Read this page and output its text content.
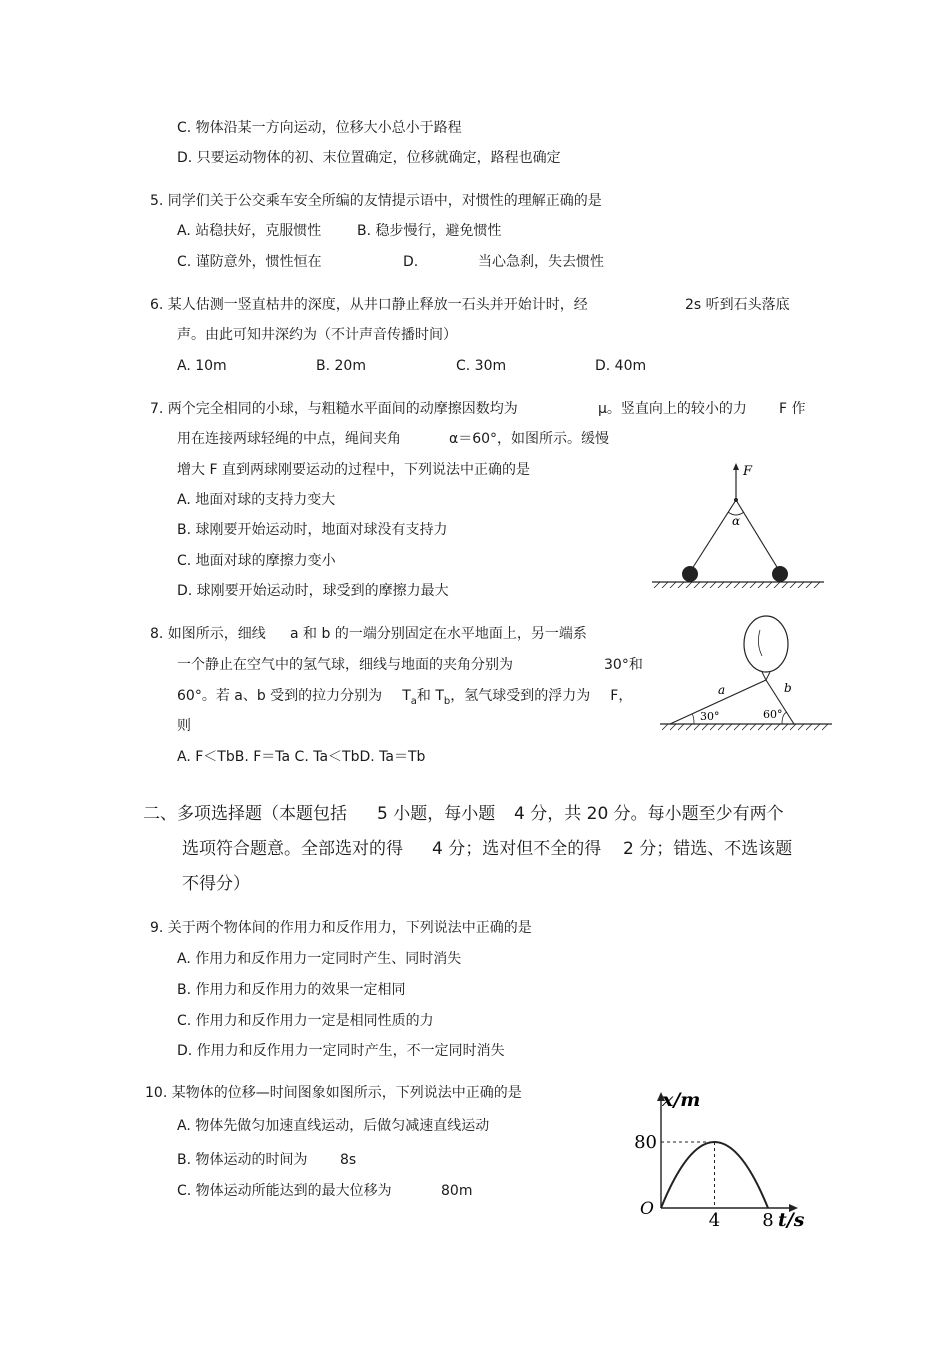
C. 物体沿某一方向运动，位移大小总小于路程
D. 只要运动物体的初、末位置确定，位移就确定，路程也确定
5. 同学们关于公交乘车安全所编的友情提示语中，对惯性的理解正确的是
A. 站稳扶好，克服惯性	B. 稳步慢行，避免惯性
C. 谨防意外，惯性恒在	D.	当心急刹，失去惯性
6. 某人估测一竖直枯井的深度，从井口静止释放一石头并开始计时，经	2s 听到石头落底
声。由此可知井深约为（不计声音传播时间）
A. 10m	B. 20m	C. 30m	D. 40m
7. 两个完全相同的小球，与粗糙水平面间的动摩擦因数均为	μ。竖直向上的较小的力 F 作
用在连接两球轻绳的中点，绳间夹角	α＝60°，如图所示。缓慢
增大 F 直到两球刚要运动的过程中，下列说法中正确的是
A. 地面对球的支持力变大
B. 球刚要开始运动时，地面对球没有支持力
C. 地面对球的摩擦力变小
D. 球刚要开始运动时，球受到的摩擦力最大
F
α
8. 如图所示，细线 a 和 b 的一端分别固定在水平地面上，另一端系
一个静止在空气中的氢气球，细线与地面的夹角分别为	30°和
60°。若 a、b 受到的拉力分别为 $T_a$和 $T_b$，氢气球受到的浮力为 F，
则
A. F＜TbB. F＝Ta C. Ta＜TbD. Ta＝Tb
a	b
30°	60°
二、多项选择题（本题包括 5 小题，每小题 4 分，共 20 分。每小题至少有两个
选项符合题意。全部选对的得 4 分；选对但不全的得 2 分；错选、不选该题
不得分）
9. 关于两个物体间的作用力和反作用力，下列说法中正确的是
A. 作用力和反作用力一定同时产生、同时消失
B. 作用力和反作用力的效果一定相同
C. 作用力和反作用力一定是相同性质的力
D. 作用力和反作用力一定同时产生，不一定同时消失
10. 某物体的位移—时间图象如图所示，下列说法中正确的是
A. 物体先做匀加速直线运动，后做匀减速直线运动
B. 物体运动的时间为 8s
C. 物体运动所能达到的最大位移为	80m
x/m
t/s
O
4 8
80
